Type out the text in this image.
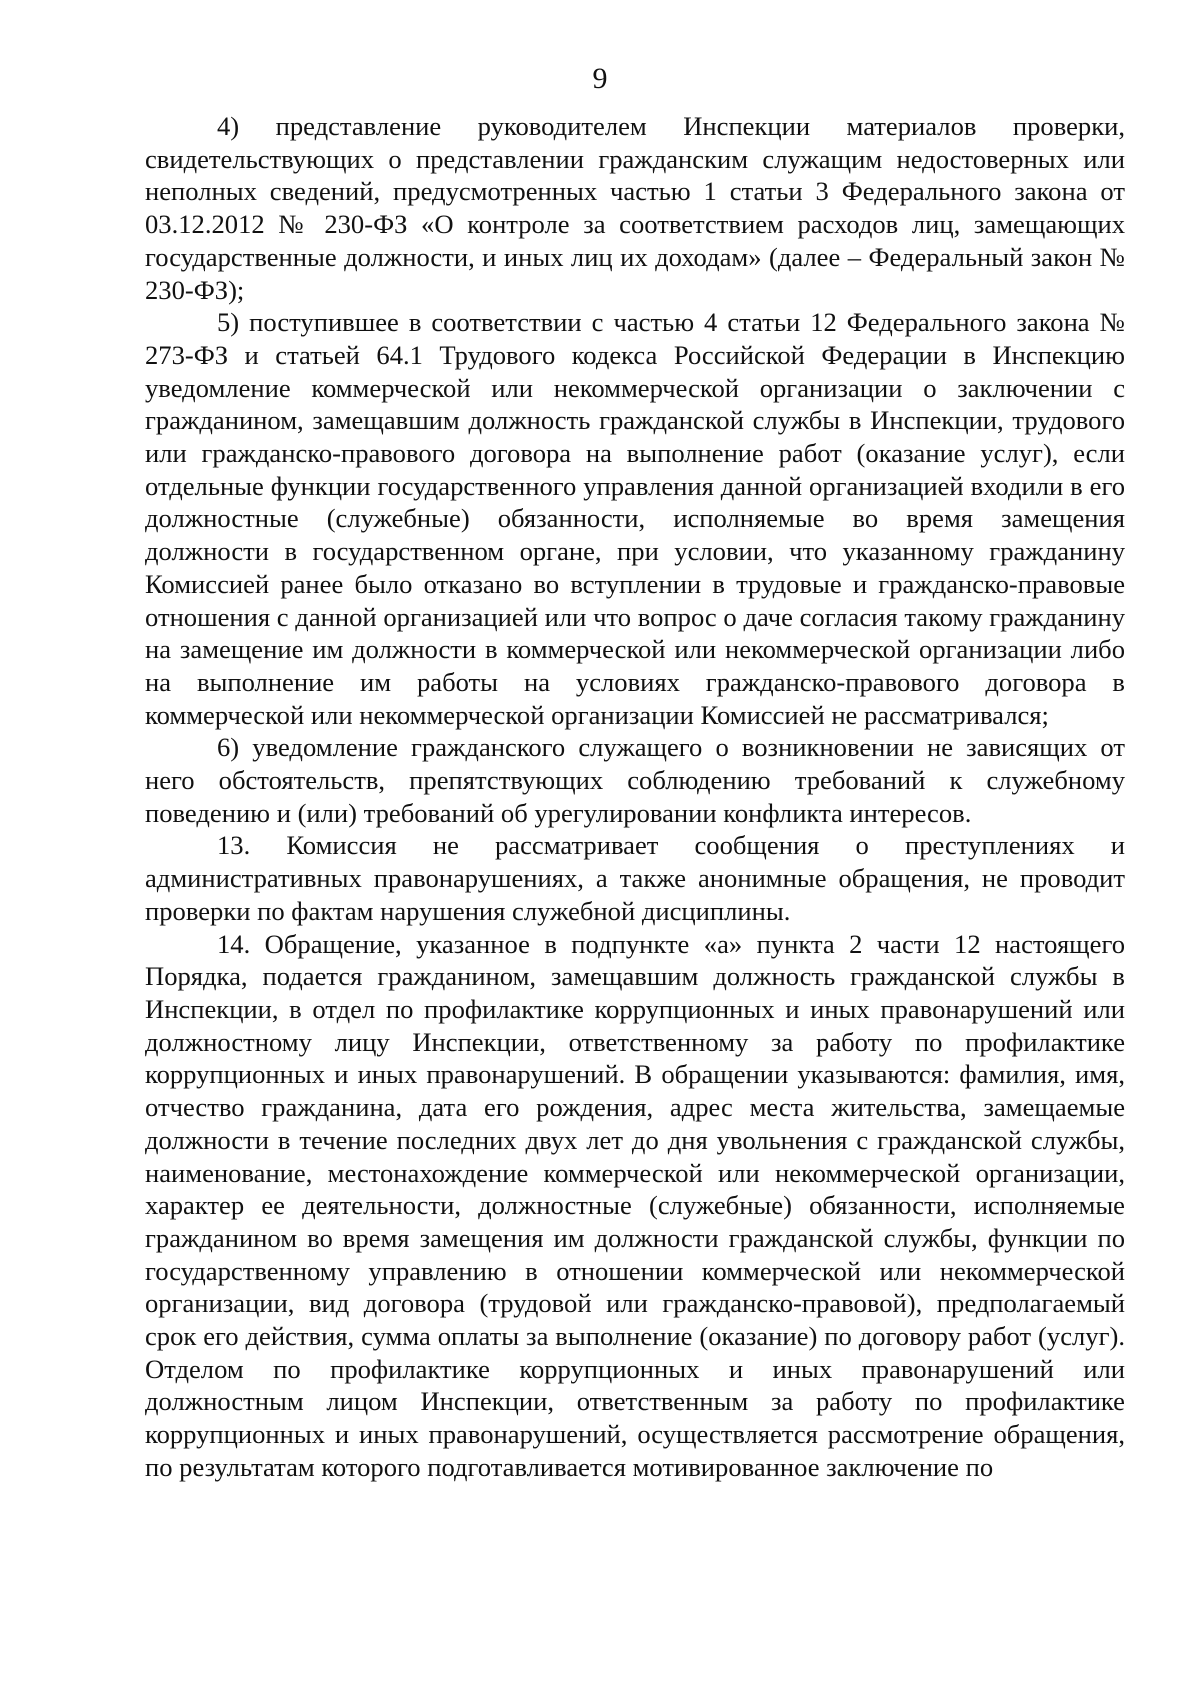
9

4) представление руководителем Инспекции материалов проверки, свидетельствующих о представлении гражданским служащим недостоверных или неполных сведений, предусмотренных частью 1 статьи 3 Федерального закона от 03.12.2012 № 230-ФЗ «О контроле за соответствием расходов лиц, замещающих государственные должности, и иных лиц их доходам» (далее – Федеральный закон № 230-ФЗ);

5) поступившее в соответствии с частью 4 статьи 12 Федерального закона № 273-ФЗ и статьей 64.1 Трудового кодекса Российской Федерации в Инспекцию уведомление коммерческой или некоммерческой организации о заключении с гражданином, замещавшим должность гражданской службы в Инспекции, трудового или гражданско-правового договора на выполнение работ (оказание услуг), если отдельные функции государственного управления данной организацией входили в его должностные (служебные) обязанности, исполняемые во время замещения должности в государственном органе, при условии, что указанному гражданину Комиссией ранее было отказано во вступлении в трудовые и гражданско-правовые отношения с данной организацией или что вопрос о даче согласия такому гражданину на замещение им должности в коммерческой или некоммерческой организации либо на выполнение им работы на условиях гражданско-правового договора в коммерческой или некоммерческой организации Комиссией не рассматривался;

6) уведомление гражданского служащего о возникновении не зависящих от него обстоятельств, препятствующих соблюдению требований к служебному поведению и (или) требований об урегулировании конфликта интересов.

13. Комиссия не рассматривает сообщения о преступлениях и административных правонарушениях, а также анонимные обращения, не проводит проверки по фактам нарушения служебной дисциплины.

14. Обращение, указанное в подпункте «а» пункта 2 части 12 настоящего Порядка, подается гражданином, замещавшим должность гражданской службы в Инспекции, в отдел по профилактике коррупционных и иных правонарушений или должностному лицу Инспекции, ответственному за работу по профилактике коррупционных и иных правонарушений. В обращении указываются: фамилия, имя, отчество гражданина, дата его рождения, адрес места жительства, замещаемые должности в течение последних двух лет до дня увольнения с гражданской службы, наименование, местонахождение коммерческой или некоммерческой организации, характер ее деятельности, должностные (служебные) обязанности, исполняемые гражданином во время замещения им должности гражданской службы, функции по государственному управлению в отношении коммерческой или некоммерческой организации, вид договора (трудовой или гражданско-правовой), предполагаемый срок его действия, сумма оплаты за выполнение (оказание) по договору работ (услуг). Отделом по профилактике коррупционных и иных правонарушений или должностным лицом Инспекции, ответственным за работу по профилактике коррупционных и иных правонарушений, осуществляется рассмотрение обращения, по результатам которого подготавливается мотивированное заключение по
